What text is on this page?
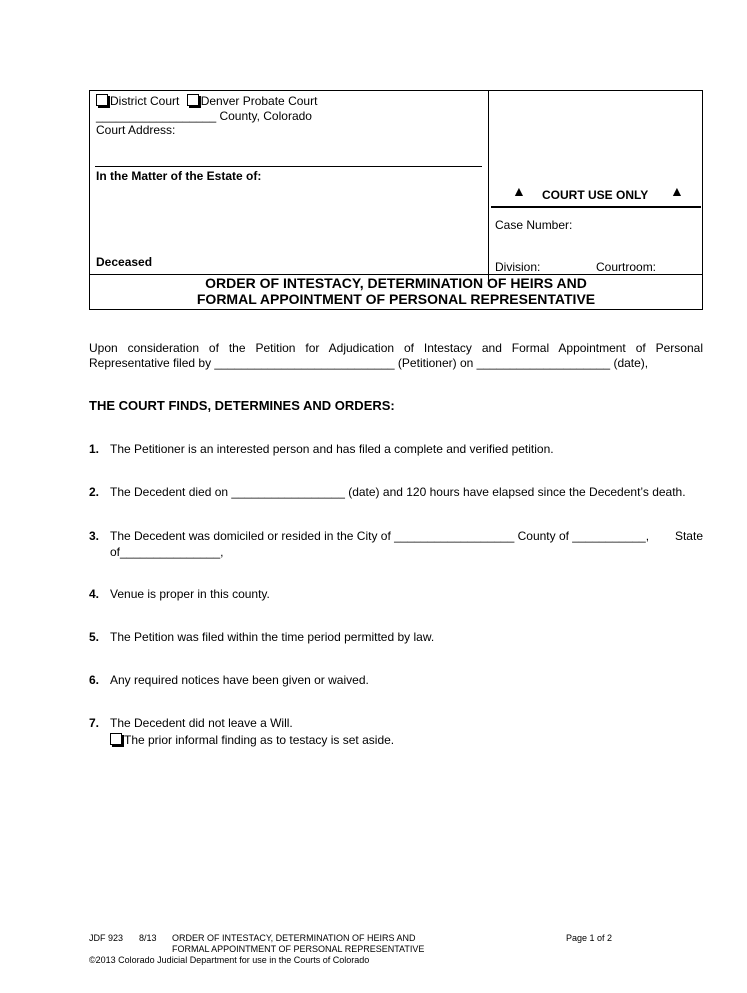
District Court Denver Probate Court
__________________ County, Colorado
Court Address:
In the Matter of the Estate of:
Deceased
▲ COURT USE ONLY ▲
Case Number:
Division:	Courtroom:
ORDER OF INTESTACY, DETERMINATION OF HEIRS AND
FORMAL APPOINTMENT OF PERSONAL REPRESENTATIVE
Upon consideration of the Petition for Adjudication of Intestacy and Formal Appointment of Personal
Representative filed by ___________________________ (Petitioner) on ____________________ (date),
THE COURT FINDS, DETERMINES AND ORDERS:
1. The Petitioner is an interested person and has filed a complete and verified petition.
2. The Decedent died on _________________ (date) and 120 hours have elapsed since the Decedent’s death.
3. The Decedent was domiciled or resided in the City of __________________ County of ___________, State
of_______________,
4. Venue is proper in this county.
5. The Petition was filed within the time period permitted by law.
6. Any required notices have been given or waived.
7. The Decedent did not leave a Will.
The prior informal finding as to testacy is set aside.
JDF 923 8/13 ORDER OF INTESTACY, DETERMINATION OF HEIRS AND
FORMAL APPOINTMENT OF PERSONAL REPRESENTATIVE
Page 1 of 2
©2013 Colorado Judicial Department for use in the Courts of Colorado
